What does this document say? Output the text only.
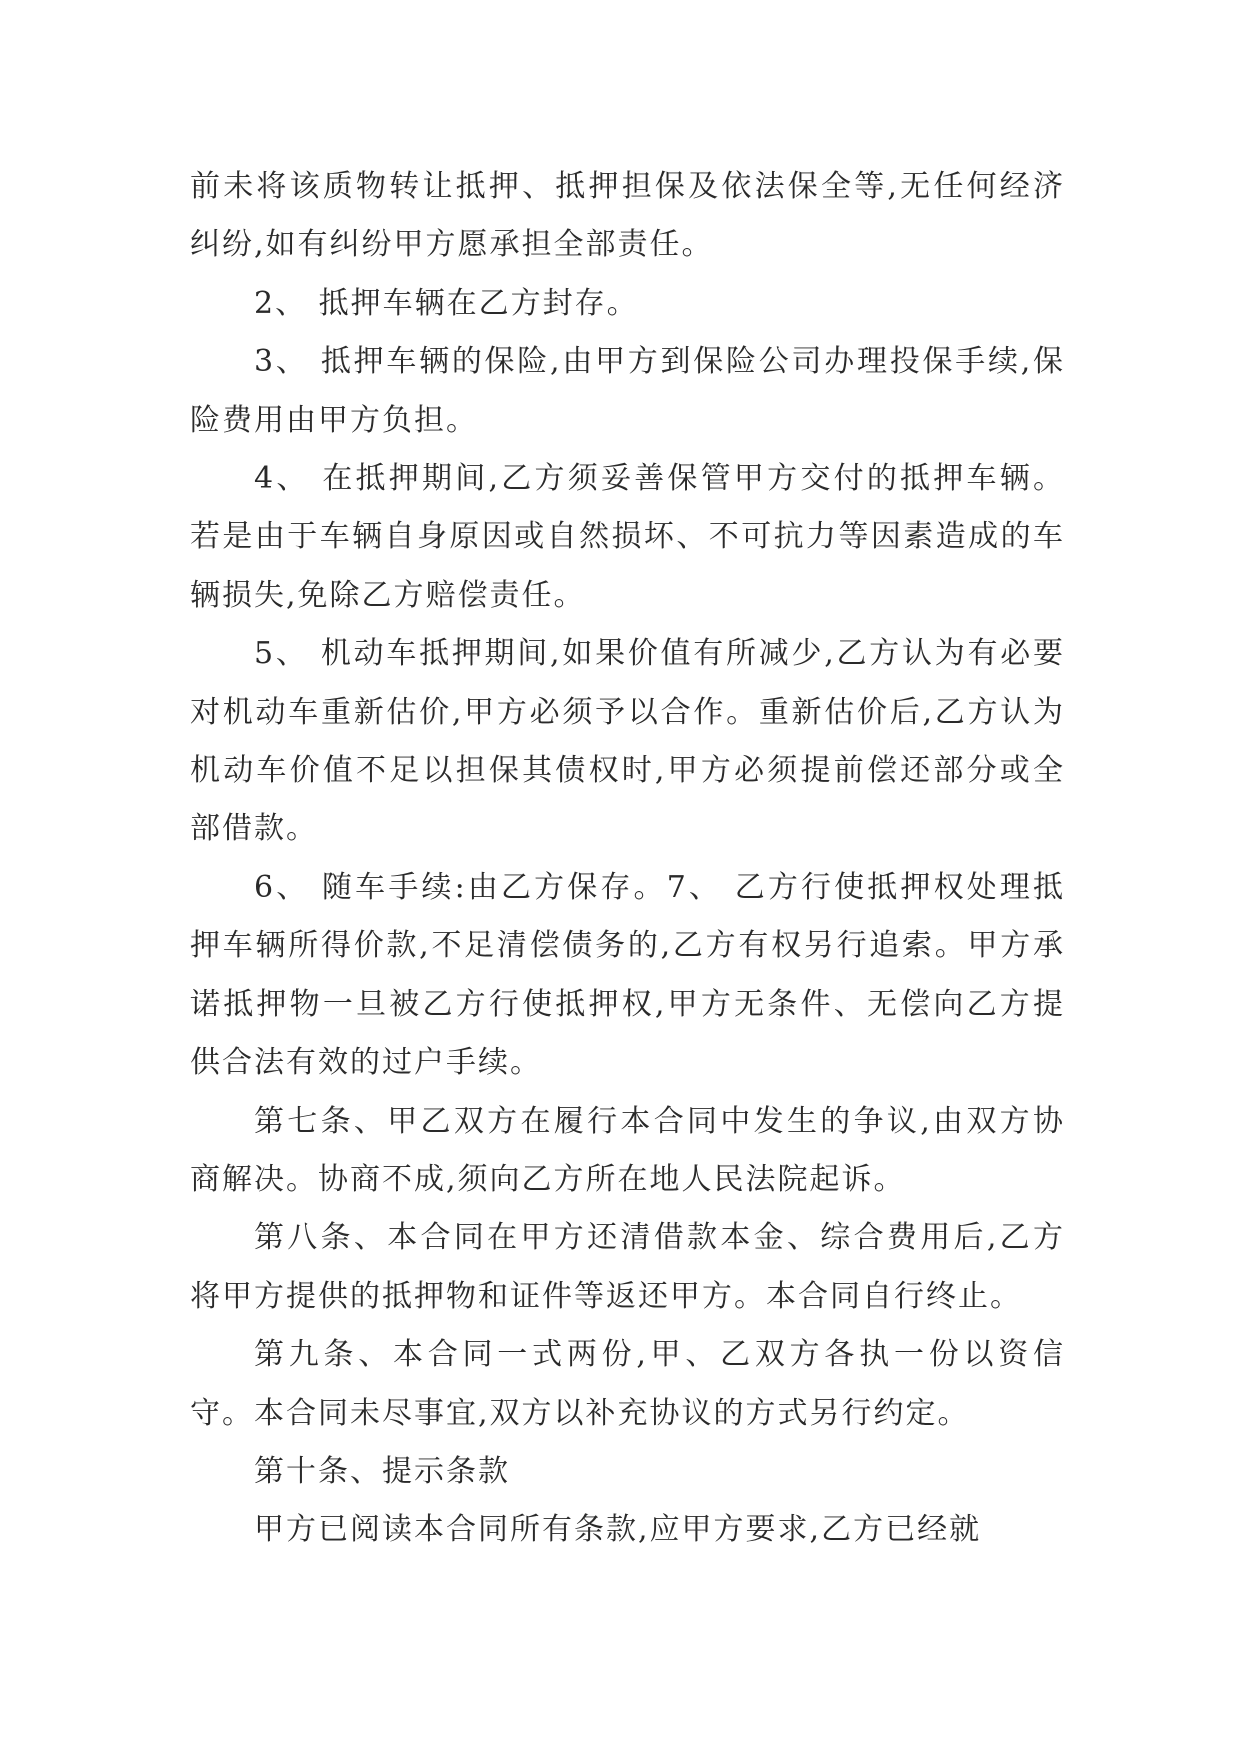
前未将该质物转让抵押、抵押担保及依法保全等,无任何经济纠纷,如有纠纷甲方愿承担全部责任。

2、 抵押车辆在乙方封存。

3、 抵押车辆的保险,由甲方到保险公司办理投保手续,保险费用由甲方负担。

4、 在抵押期间,乙方须妥善保管甲方交付的抵押车辆。若是由于车辆自身原因或自然损坏、不可抗力等因素造成的车辆损失,免除乙方赔偿责任。

5、 机动车抵押期间,如果价值有所减少,乙方认为有必要对机动车重新估价,甲方必须予以合作。重新估价后,乙方认为机动车价值不足以担保其债权时,甲方必须提前偿还部分或全部借款。

6、 随车手续:由乙方保存。7、 乙方行使抵押权处理抵押车辆所得价款,不足清偿债务的,乙方有权另行追索。甲方承诺抵押物一旦被乙方行使抵押权,甲方无条件、无偿向乙方提供合法有效的过户手续。

第七条、甲乙双方在履行本合同中发生的争议,由双方协商解决。协商不成,须向乙方所在地人民法院起诉。

第八条、本合同在甲方还清借款本金、综合费用后,乙方将甲方提供的抵押物和证件等返还甲方。本合同自行终止。

第九条、本合同一式两份,甲、乙双方各执一份以资信守。本合同未尽事宜,双方以补充协议的方式另行约定。

第十条、提示条款

甲方已阅读本合同所有条款,应甲方要求,乙方已经就
